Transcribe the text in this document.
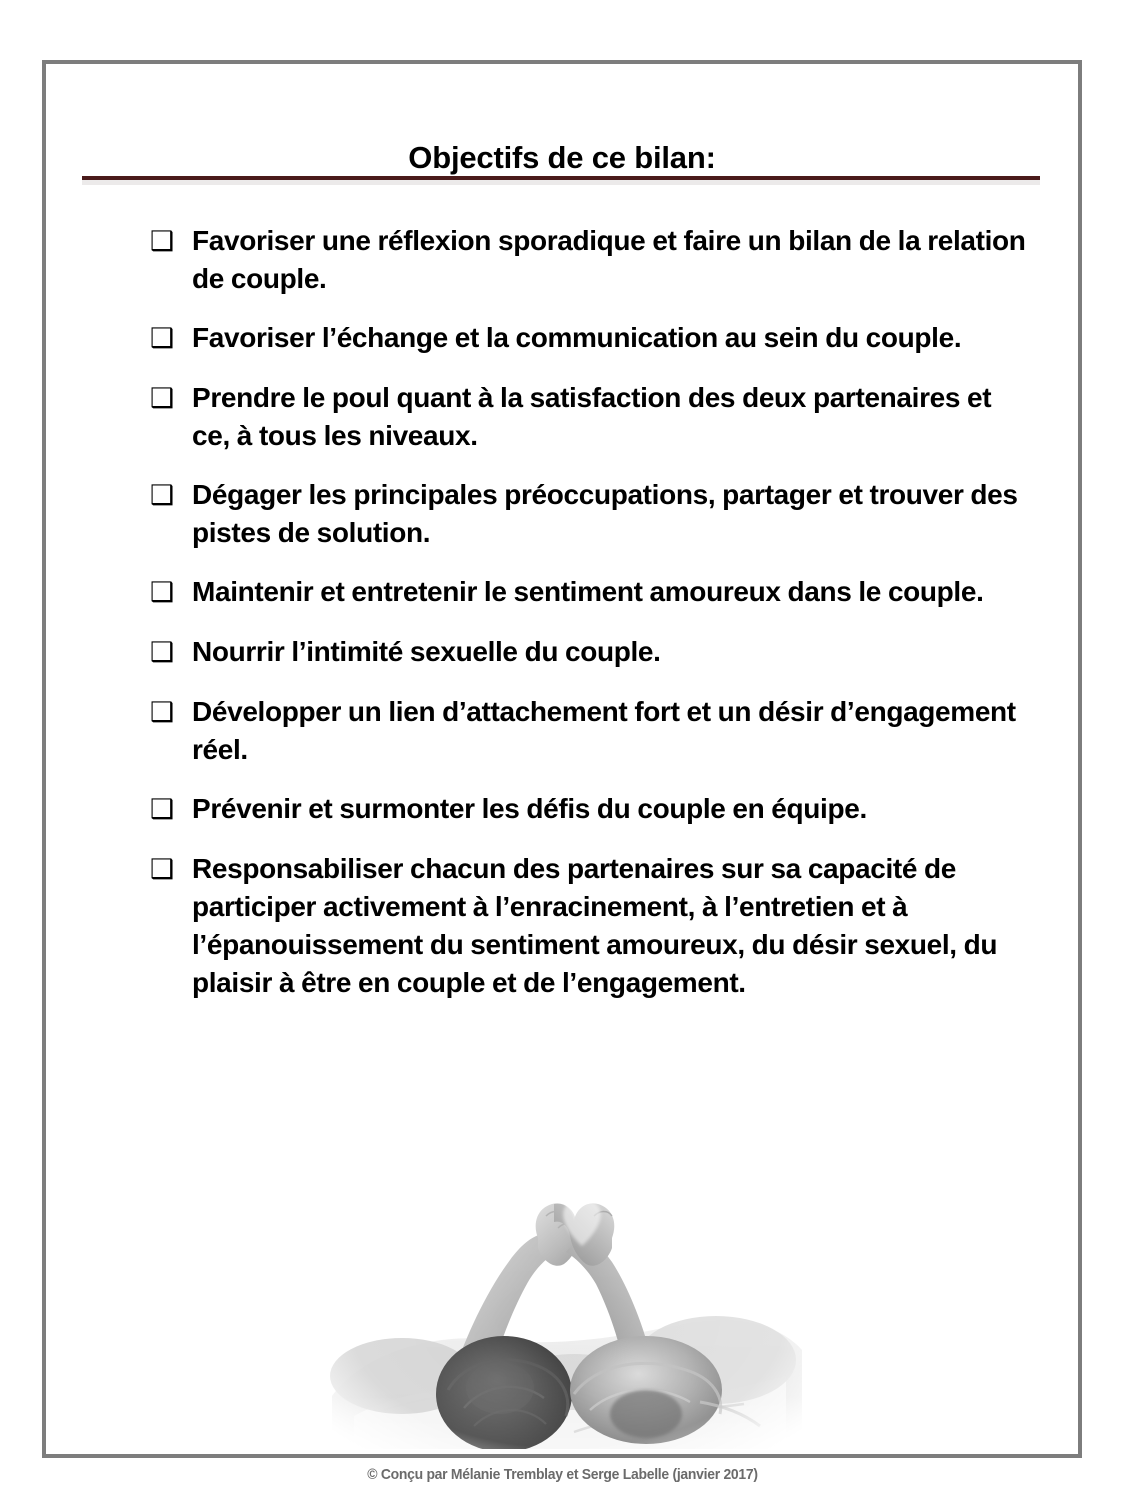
Objectifs de ce bilan:
❑ Favoriser une réflexion sporadique et faire un bilan de la relation de couple.
❑ Favoriser l’échange et la communication au sein du couple.
❑ Prendre le poul quant à la satisfaction des deux partenaires et ce, à tous les niveaux.
❑ Dégager les principales préoccupations, partager et trouver des pistes de solution.
❑ Maintenir et entretenir le sentiment amoureux dans le couple.
❑ Nourrir l’intimité sexuelle du couple.
❑ Développer un lien d’attachement fort et un désir d’engagement réel.
❑ Prévenir et surmonter les défis du couple en équipe.
❑ Responsabiliser chacun des partenaires sur sa capacité de participer activement à l’enracinement, à l’entretien et à l’épanouissement du sentiment amoureux, du désir sexuel, du plaisir à être en couple et de l’engagement.
© Conçu par Mélanie Tremblay et Serge Labelle (janvier 2017)
